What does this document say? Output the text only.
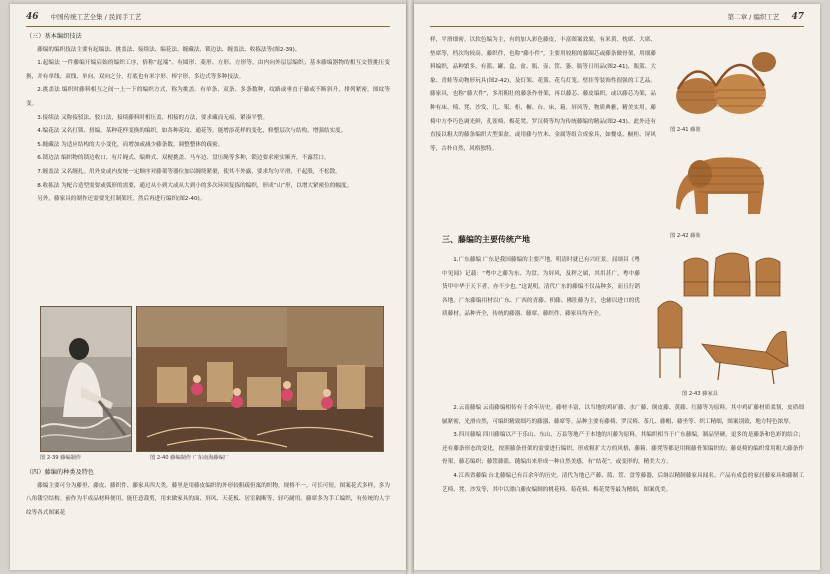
46 中国传统工艺全集 / 民间手工艺

（三）基本编织技法

藤编的编织技法主要有起编法、挑盖法、接续法、编花法、缠藏法、锁边法、缠盖法、收拣法等(图2-39)。

1.起编法 一件藤编开编启始的编织工序，俗称“起端”。有圆形、菱形、方形、方形等，由内向外层层编织；基本藤编器物的相互交替挑压变换，并有单线、双线、单向、双向之分，打底也有米字形、棒字形、多边式等多种技法。

2.挑盖法 编织时藤料相互之间一上一下的编织方式，称为挑盖。有单条、双条、多条数种，纹路或垂直于藤或不断斜升，排列紧密，图纹等变。

3.接续法 又称接驳法、驳口法，接续藤料时相压盖，相接的方法，要求藏而无痕，紧凑平整。

4.编花法 又名打锁、扭编。某种花样变换的编织，如各种花纹、通花等，能增添花样的变化，修整层次与结构，增强结实度。

5.缠藏法 为适应结构的大小变化，而增加或减少藤条数，调整整体的疏密。

6.锁边法 编织物的锁边收口，有片绳式、编辫式、双梗挑盖、马车边、盘压绳等多种，锁边要求密实顺齐，不露茬口。

7.缠盖法 又名缠扎。用外皮或内皮统一定顺序对藤架等器位加以缠绕紧裹，使其不外露，要求均匀平滑，不起股，不松散。

8.收拣法 为配合造型需要或弧形的需要，通过从小到大或从大到小的多次环回复拣的编织，形成“山”形，以增大紧密位的幅度。

另外，藤家具的制作还需要先打制架坯，然后再进行编织(图2-40)。

图 2-39 藤编制作	图 2-40 藤编制作 广东南海藤编厂

（四）藤编的种类及特色

藤编主要可分为藤里、藤皮、藤织件、藤家具四大类。藤里是用藤皮编织的外形较粗疏但寓的织物，规格不一，可长可短，图案花式多样，多为八角镂空结构。前作为半成品材料便用，能任意裁剪，用来做家具的面、屏风、天花板、居室隔断等，轻巧耐用。藤席多为手工编织，有传统的人字纹等各式图案花

第二章 / 编织工艺 47

样，平滑细密。以软色编为主，有的加入彩色藤皮，丰富图案效果，有米黄、枕席、大席、垫席等，档次均较高。藤织件，也称“藤小件”，主要用较粗的藤圈芯或藤条做骨架，用细藤料编织，品种繁多，有篮、罐、盒、盆、瓶、壶、筐、篓、瓶等日用品(图2-41)，瓶篮、大象、青蛙等动物形玩具(图2-42)，及灯架、花篮、花鸟灯笼、壁挂等装饰性很强的工艺品。藤家具，也称“藤大件”，多用粗壮的藤条作骨架，再以藤芯、藤皮编织。或以藤芯为架，品种有床、椅、凳、沙发、几、架、柜、橱、台、床、箱、屏风等，物质典雅，精美实用。藤椅中方李巧色调光鲜，孔雀椅、梅花凳、罗汉椅等均为传统藤编的精品(图2-43)。此外还有直接以粗大的藤条编织大型果盆，或用藤与竹木、金属等组合成家具，如餐桌、橱柜、屏风等，古朴自然，风格独特。

图 2-41 藤篮
图 2-42 藤象
三、藤编的主要传统产地

1.广东藤编 广东是我国藤编的主要产地，明清时就已有兴旺景。屈颂昌《粤中见闻》记载：“粤中之藤为东、为盘、为屏风，及秤之属，其用甚广，粤中藤货甲中华于天下者，亦不少也。”这说明，清代广东的藤编不仅品种多，而且行销各地。广东藤编用材以广东、广西的青藤、枳藤、佛肚藤为主，也辅以进口的优质藤材。品种齐全，传统的藤器、藤席、藤织件、藤家具均齐全。

图 2-43 藤家具

2.云南藤编 云南藤编相传有千余年历史。藤材丰富，以当地的鸡矿藤、水广藤、倒皮藤、黄藤、红藤等为原料。其中鸡矿藤材质柔韧，皮质细腻紧密，光滑自然，可编织精致细巧的藤器、藤席等。品种主要有藤椅、罗汉椅、茶几、藤帽、藤坐等、织工精细，图案别致，地方特色浓厚。

3.四川藤编 四川藤编以产于乐山、东山、万县等地产于本地的川藤为原料，其编织相当于广东藤编，制品坚硬，更多的是藤条和色彩的结合；还有藤条形态的变化，按照藤条骨架的需要进行编织，形成粗犷大方的风格，藤箱、藤凳等都是用粗藤骨架编织的；藤桌椅的编织常用粗大藤条作骨架，藤芯编织；藤筐藤篮，随编出来形成一种自然美感，有“结花”，或变形的，精美大方。

4.江西省藤编 台北藤编已有百余年的历史，清代为地已产藤、篮、筐、盘等藤器，后继以精制藤家具闻名。产品有成套的家居藤家具和藤制工艺椅、凳、沙发等，其中以漂白藤皮编制的桃花椅、菊花椅、梅花凳等最为精细，图案优美。
